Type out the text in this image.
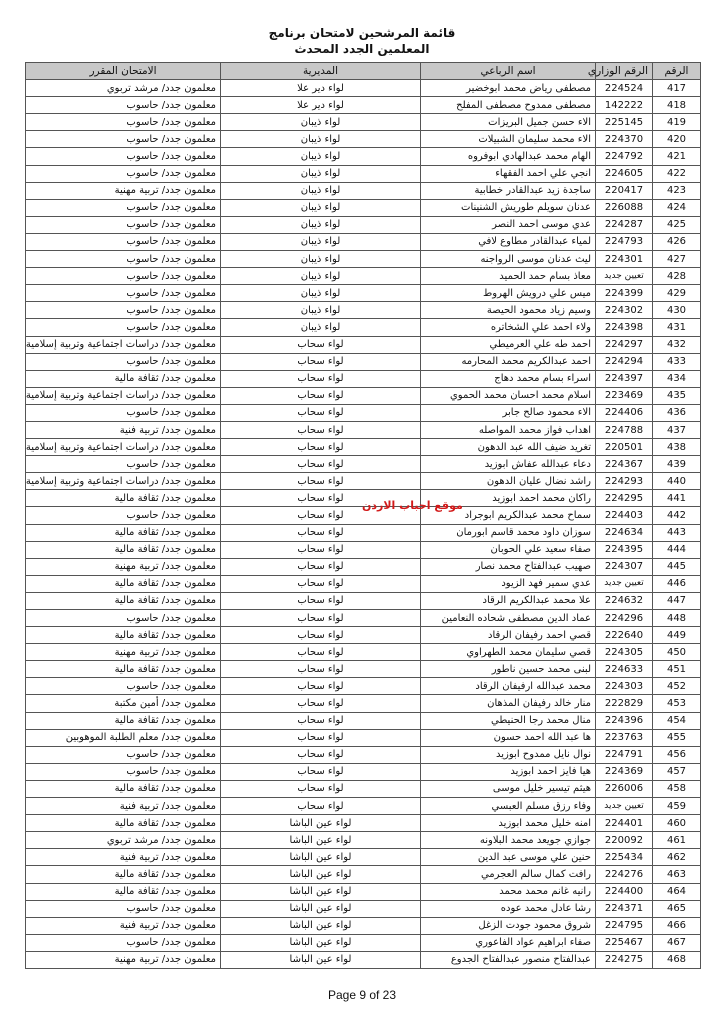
قائمة المرشحين لامتحان برنامج
المعلمين الجدد المحدث
الرقم	الرقم الوزاري	اسم الرباعي	المديرية	الامتحان المقرر
417	224524	مصطفى رياض محمد ابوخضير	لواء دير علا	معلمون جدد/ مرشد تربوي
418	142222	مصطفى ممدوح مصطفى المفلح	لواء دير علا	معلمون جدد/ حاسوب
419	225145	الاء حسن جميل البريزات	لواء ذيبان	معلمون جدد/ حاسوب
420	224370	الاء محمد سليمان الشبيلات	لواء ذيبان	معلمون جدد/ حاسوب
421	224792	الهام محمد عبدالهادي ابوفروه	لواء ذيبان	معلمون جدد/ حاسوب
422	224605	انجي علي احمد الفقهاء	لواء ذيبان	معلمون جدد/ حاسوب
423	220417	ساجدة زيد عبدالقادر خطابية	لواء ذيبان	معلمون جدد/ تربية مهنية
424	226088	عدنان سويلم طوريش الشنينات	لواء ذيبان	معلمون جدد/ حاسوب
425	224287	عدي موسى احمد النصر	لواء ذيبان	معلمون جدد/ حاسوب
426	224793	لمياء عبدالقادر مطاوع لافي	لواء ذيبان	معلمون جدد/ حاسوب
427	224301	ليث عدنان موسى الرواجنه	لواء ذيبان	معلمون جدد/ حاسوب
428	تعيين جديد	معاذ بسام حمد الحميد	لواء ذيبان	معلمون جدد/ حاسوب
429	224399	ميس علي درويش الهروط	لواء ذيبان	معلمون جدد/ حاسوب
430	224302	وسيم زياد محمود الحيصة	لواء ذيبان	معلمون جدد/ حاسوب
431	224398	ولاء احمد علي الشخاتره	لواء ذيبان	معلمون جدد/ حاسوب
432	224297	احمد طه علي العرميطي	لواء سحاب	معلمون جدد/ دراسات اجتماعية وتربية إسلامية
433	224294	احمد عبدالكريم محمد المحارمه	لواء سحاب	معلمون جدد/ حاسوب
434	224397	اسراء بسام محمد دهاج	لواء سحاب	معلمون جدد/ ثقافة مالية
435	223469	اسلام محمد احسان محمد الحموي	لواء سحاب	معلمون جدد/ دراسات اجتماعية وتربية إسلامية
436	224406	الاء محمود صالح جابر	لواء سحاب	معلمون جدد/ حاسوب
437	224788	اهداب فواز محمد المواصله	لواء سحاب	معلمون جدد/ تربية فنية
438	220501	تغريد ضيف الله عبد الدهون	لواء سحاب	معلمون جدد/ دراسات اجتماعية وتربية إسلامية
439	224367	دعاء عبدالله عفاش ابوزيد	لواء سحاب	معلمون جدد/ حاسوب
440	224293	راشد نضال عليان الدهون	لواء سحاب	معلمون جدد/ دراسات اجتماعية وتربية إسلامية
441	224295	راكان محمد احمد ابوزيد	لواء سحاب	معلمون جدد/ ثقافة مالية
442	224403	سماح محمد عبدالكريم ابوجراد	لواء سحاب	معلمون جدد/ حاسوب
443	224634	سوزان داود محمد قاسم ابورمان	لواء سحاب	معلمون جدد/ ثقافة مالية
444	224395	صفاء سعيد علي الحوبان	لواء سحاب	معلمون جدد/ ثقافة مالية
445	224307	صهيب عبدالفتاح محمد نصار	لواء سحاب	معلمون جدد/ تربية مهنية
446	تعيين جديد	عدي سمير فهد الزيود	لواء سحاب	معلمون جدد/ ثقافة مالية
447	224632	علا محمد عبدالكريم الرقاد	لواء سحاب	معلمون جدد/ ثقافة مالية
448	224296	عماد الدين مصطفى شحاده النعامين	لواء سحاب	معلمون جدد/ حاسوب
449	222640	قصي احمد رفيفان الرقاد	لواء سحاب	معلمون جدد/ ثقافة مالية
450	224305	قصي سليمان محمد الطهراوي	لواء سحاب	معلمون جدد/ تربية مهنية
451	224633	لبنى محمد حسين ناطور	لواء سحاب	معلمون جدد/ ثقافة مالية
452	224303	محمد عبدالله ارفيفان الرقاد	لواء سحاب	معلمون جدد/ حاسوب
453	222829	منار خالد رفيفان المذهان	لواء سحاب	معلمون جدد/ أمين مكتبة
454	224396	منال محمد رجا الحنيطي	لواء سحاب	معلمون جدد/ ثقافة مالية
455	223763	ها عبد الله احمد حسون	لواء سحاب	معلمون جدد/ معلم الطلبة الموهوبين
456	224791	نوال نايل ممدوح ابوزيد	لواء سحاب	معلمون جدد/ حاسوب
457	224369	هيا فايز احمد ابوزيد	لواء سحاب	معلمون جدد/ حاسوب
458	226006	هيثم تيسير خليل موسى	لواء سحاب	معلمون جدد/ ثقافة مالية
459	تعيين جديد	وفاء رزق مسلم العبسي	لواء سحاب	معلمون جدد/ تربية فنية
460	224401	امنه خليل محمد ابوزيد	لواء عين الباشا	معلمون جدد/ ثقافة مالية
461	220092	جوازي جويعد محمد البلاونه	لواء عين الباشا	معلمون جدد/ مرشد تربوي
462	225434	حنين علي موسى عبد الدين	لواء عين الباشا	معلمون جدد/ تربية فنية
463	224276	رافت كمال سالم العجرمي	لواء عين الباشا	معلمون جدد/ ثقافة مالية
464	224400	رانيه غانم محمد محمد	لواء عين الباشا	معلمون جدد/ ثقافة مالية
465	224371	رشا عادل محمد عوده	لواء عين الباشا	معلمون جدد/ حاسوب
466	224795	شروق محمود جودت الزغل	لواء عين الباشا	معلمون جدد/ تربية فنية
467	225467	صفاء ابراهيم عواد الفاعوري	لواء عين الباشا	معلمون جدد/ حاسوب
468	224275	عبدالفتاح منصور عبدالفتاح الجدوع	لواء عين الباشا	معلمون جدد/ تربية مهنية
موقع احباب الاردن
Page 9 of 23
